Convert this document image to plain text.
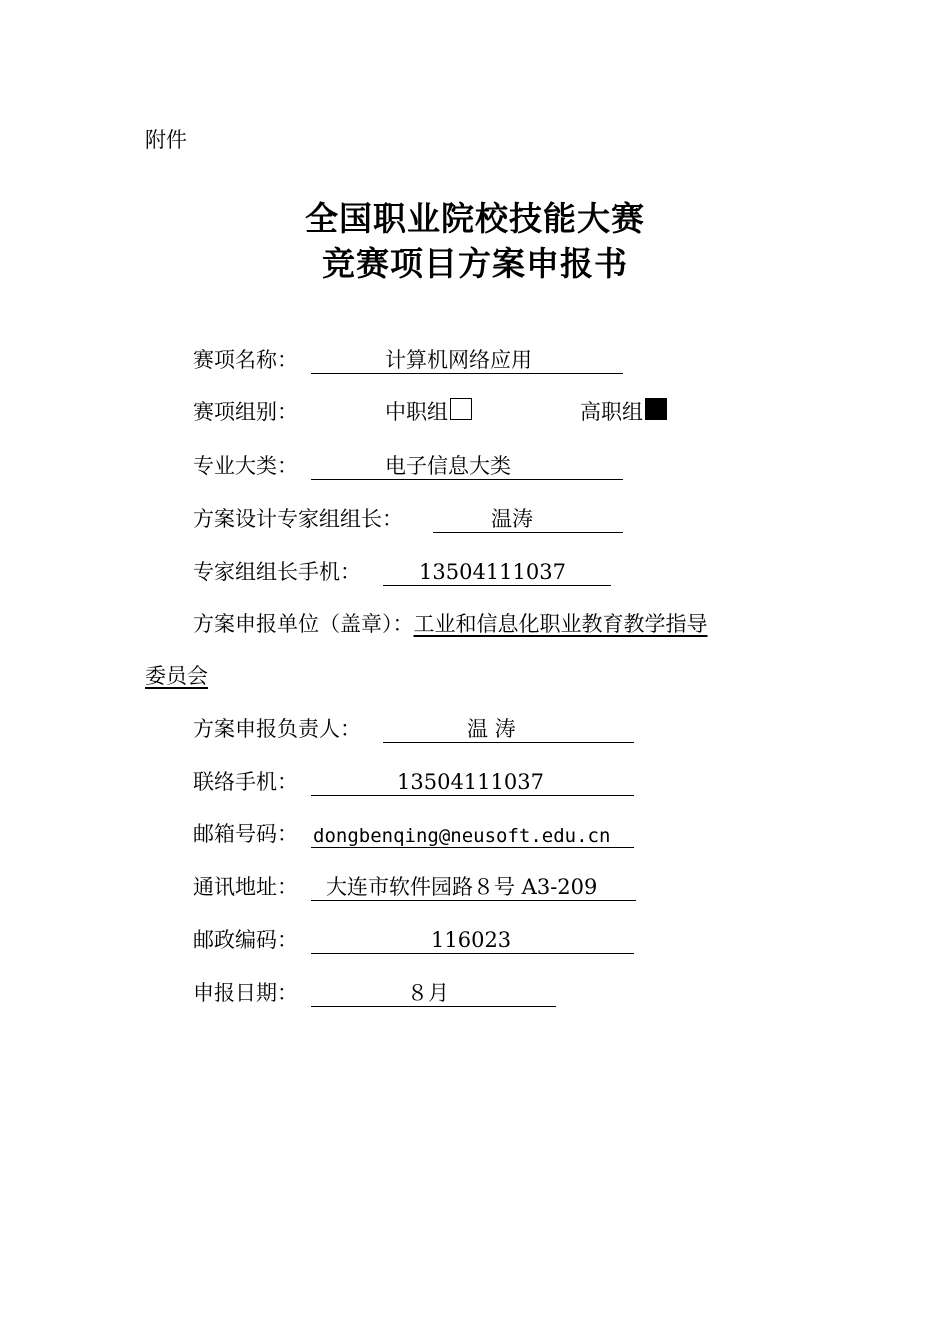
附件
全国职业院校技能大赛
竞赛项目方案申报书
赛项名称：	计算机网络应用
赛项组别：	中职组	高职组
专业大类：	电子信息大类
方案设计专家组组长：	温涛
专家组组长手机：	13504111037
方案申报单位（盖章）：工业和信息化职业教育教学指导
委员会
方案申报负责人：	温 涛
联络手机：	13504111037
邮箱号码： dongbenqing@neusoft.edu.cn
通讯地址： 大连市软件园路８号 A3-209
邮政编码：	116023
申报日期：	８月
